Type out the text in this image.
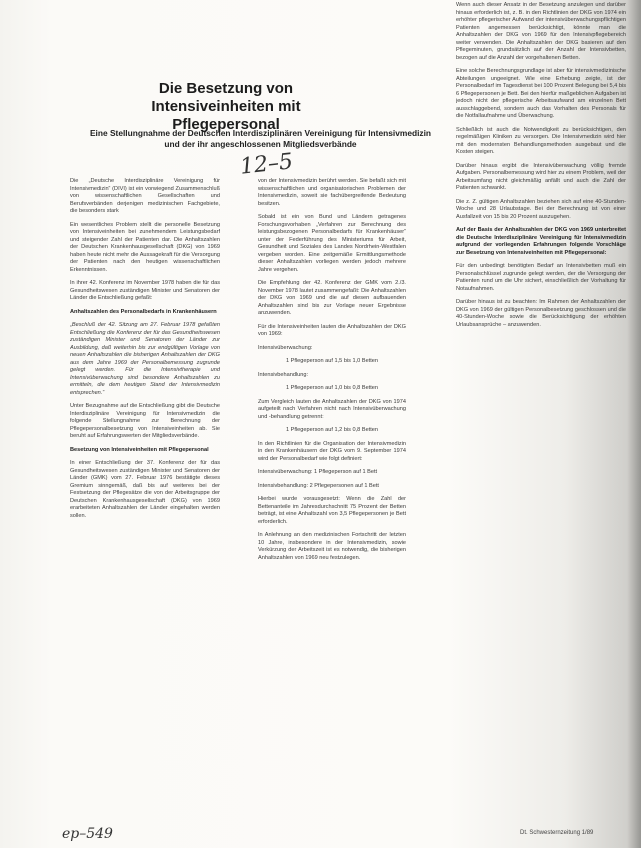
Die Besetzung von Intensiveinheiten mit Pflegepersonal

Eine Stellungnahme der Deutschen Interdisziplinären Vereinigung für Intensivmedizin und der ihr angeschlossenen Mitgliedsverbände

12–5

Die „Deutsche Interdisziplinäre Vereinigung für Intensivmedizin“ (DIVI) ist ein vorwiegend Zusammenschluß von wissenschaftlichen Gesellschaften und Berufsverbänden derjenigen medizinischen Fachgebiete, die besonders stark

Ein wesentliches Problem stellt die personelle Besetzung von Intensiveinheiten bei zunehmendem Leistungsbedarf und steigender Zahl der Patienten dar. Die Anhaltszahlen der Deutschen Krankenhausgesellschaft (DKG) von 1969 haben heute nicht mehr die Aussagekraft für die Versorgung der Patienten nach den heutigen wissenschaftlichen Erkenntnissen.

In ihrer 42. Konferenz im November 1978 haben die für das Gesundheitswesen zuständigen Minister und Senatoren der Länder die Entschließung gefaßt:

Anhaltszahlen des Personalbedarfs in Krankenhäusern

„Beschluß der 42. Sitzung am 27. Februar 1978 gefaßten Entschließung die Konferenz der für das Gesundheitswesen zuständigen Minister und Senatoren der Länder zur Ausbildung, daß weiterhin bis zur endgültigen Vorlage von neuen Anhaltszahlen die bisherigen Anhaltszahlen der DKG aus dem Jahre 1969 der Personalbemessung zugrunde gelegt werden. Für die Intensivtherapie und Intensivüberwachung sind besondere Anhaltszahlen zu ermitteln, die dem heutigen Stand der Intensivmedizin entsprechen.“

Unter Bezugnahme auf die Entschließung gibt die Deutsche Interdisziplinäre Vereinigung für Intensivmedizin die folgende Stellungnahme zur Berechnung der Pflegepersonalbesetzung von Intensiveinheiten ab. Sie beruht auf Erfahrungswerten der Mitgliedsverbände.

Besetzung von Intensiveinheiten mit Pflegepersonal

In einer Entschließung der 37. Konferenz der für das Gesundheitswesen zuständigen Minister und Senatoren der Länder (GMK) vom 27. Februar 1976 bestätigte dieses Gremium sinngemäß, daß bis auf weiteres bei der Festsetzung der Pflegesätze die von der Arbeitsgruppe der Deutschen Krankenhausgesellschaft (DKG) von 1969 erarbeiteten Anhaltszahlen der Länder eingehalten werden sollen.

von der Intensivmedizin berührt werden. Sie befaßt sich mit wissenschaftlichen und organisatorischen Problemen der Intensivmedizin, soweit sie fachübergreifende Bedeutung besitzen.

Sobald ist ein von Bund und Ländern getragenes Forschungsvorhaben „Verfahren zur Berechnung des leistungsbezogenen Personalbedarfs für Krankenhäuser“ unter der Federführung des Ministeriums für Arbeit, Gesundheit und Soziales des Landes Nordrhein-Westfalen vergeben worden. Eine zeitgemäße Ermittlungsmethode dieser Anhaltszahlen vorliegen werden jedoch mehrere Jahre vergehen.

Die Empfehlung der 42. Konferenz der GMK vom 2./3. November 1978 lautet zusammengefaßt: Die Anhaltszahlen der DKG von 1969 und die auf diesen aufbauenden Anhaltszahlen sind bis zur Vorlage neuer Ergebnisse anzuwenden.

Für die Intensiveinheiten lauten die Anhaltszahlen der DKG von 1969:

Intensivüberwachung:

1 Pflegeperson auf 1,5 bis 1,0 Betten

Intensivbehandlung:

1 Pflegeperson auf 1,0 bis 0,8 Betten

Zum Vergleich lauten die Anhaltszahlen der DKG von 1974 aufgeteilt nach Verfahren nicht nach Intensivüberwachung und -behandlung getrennt:

1 Pflegeperson auf 1,2 bis 0,8 Betten

In den Richtlinien für die Organisation der Intensivmedizin in den Krankenhäusern der DKG vom 9. September 1974 wird der Personalbedarf wie folgt definiert:

Intensivüberwachung: 1 Pflegeperson auf 1 Bett

Intensivbehandlung: 2 Pflegepersonen auf 1 Bett

Hierbei wurde vorausgesetzt: Wenn die Zahl der Bettenanteile im Jahresdurchschnitt 75 Prozent der Betten beträgt, ist eine Anhaltszahl von 3,5 Pflegepersonen je Bett erforderlich.

In Anlehnung an den medizinischen Fortschritt der letzten 10 Jahre, insbesondere in der Intensivmedizin, sowie Verkürzung der Arbeitszeit ist es notwendig, die bisherigen Anhaltszahlen von 1969 neu festzulegen.

Wenn auch dieser Ansatz in der Besetzung anzulegen und darüber hinaus erforderlich ist, z. B. in den Richtlinien der DKG von 1974 ein erhöhter pflegerischer Aufwand der intensivüberwachungspflichtigen Patienten angemessen berücksichtigt, könnte man die Anhaltszahlen der DKG von 1969 für den Intensivpflegebereich weiter verwenden. Die Anhaltszahlen der DKG basieren auf den Pflegeminuten, grundsätzlich auf der Anzahl der Intensivbetten, bezogen auf die Anzahl der vorgehaltenen Betten.

Eine solche Berechnungsgrundlage ist aber für intensivmedizinische Abteilungen ungeeignet. Wie eine Erhebung zeigte, ist der Personalbedarf im Tagesdienst bei 100 Prozent Belegung bei 5,4 bis 6 Pflegepersonen je Bett. Bei den hierfür maßgeblichen Aufgaben ist jedoch nicht der pflegerische Arbeitsaufwand am einzelnen Bett ausschlaggebend, sondern auch das Vorhalten des Personals für die Notfallaufnahme und Überwachung.

Schließlich ist auch die Notwendigkeit zu berücksichtigen, den regelmäßigen Kliniken zu versorgen. Die Intensivmedizin wird hier mit den modernsten Behandlungsmethoden ausgebaut und die Kosten steigen.

Darüber hinaus ergibt die Intensivüberwachung völlig fremde Aufgaben. Personalbemessung wird hier zu einem Problem, weil der Arbeitsumfang nicht gleichmäßig anfällt und auch die Zahl der Patienten schwankt.

Die z. Z. gültigen Anhaltszahlen beziehen sich auf eine 40-Stunden-Woche und 28 Urlaubstage. Bei der Berechnung ist von einer Ausfallzeit von 15 bis 20 Prozent auszugehen.

Auf der Basis der Anhaltszahlen der DKG von 1969 unterbreitet die Deutsche Interdisziplinäre Vereinigung für Intensivmedizin aufgrund der vorliegenden Erfahrungen folgende Vorschläge zur Besetzung von Intensiveinheiten mit Pflegepersonal:

Für den unbedingt benötigten Bedarf an Intensivbetten muß ein Personalschlüssel zugrunde gelegt werden, der die Versorgung der Patienten rund um die Uhr sichert, einschließlich der Vorhaltung für Notaufnahmen.

Darüber hinaus ist zu beachten: Im Rahmen der Anhaltszahlen der DKG von 1969 der gültigen Personalbesetzung geschlossen und die 40-Stunden-Woche sowie die Berücksichtigung der erhöhten Urlaubsansprüche – anzuwenden.

ep–549	Dt. Schwesternzeitung 1/89
